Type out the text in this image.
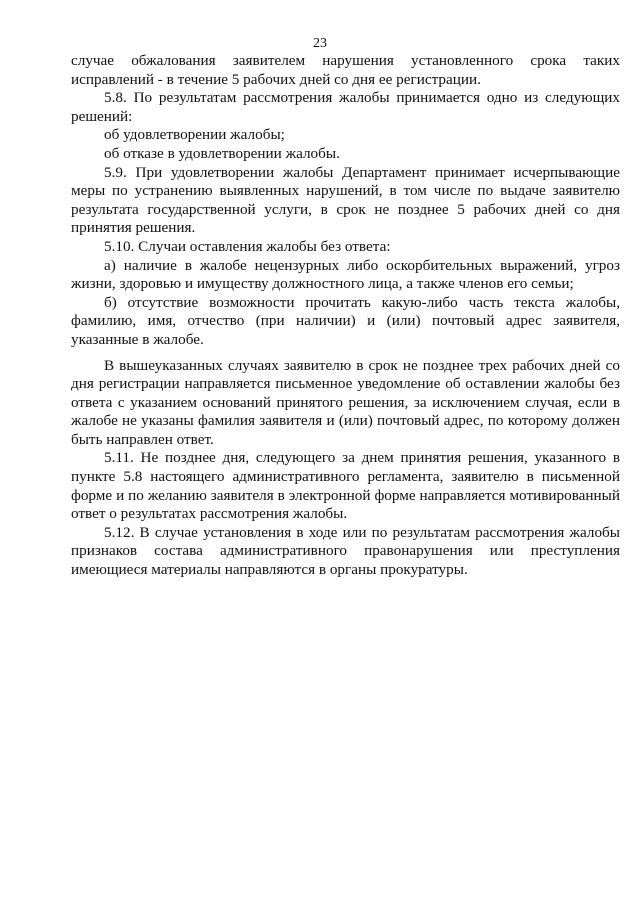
23

случае обжалования заявителем нарушения установленного срока таких исправлений - в течение 5 рабочих дней со дня ее регистрации.

5.8. По результатам рассмотрения жалобы принимается одно из следующих решений:

об удовлетворении жалобы;

об отказе в удовлетворении жалобы.

5.9. При удовлетворении жалобы Департамент принимает исчерпывающие меры по устранению выявленных нарушений, в том числе по выдаче заявителю результата государственной услуги, в срок не позднее 5 рабочих дней со дня принятия решения.

5.10. Случаи оставления жалобы без ответа:

а) наличие в жалобе нецензурных либо оскорбительных выражений, угроз жизни, здоровью и имуществу должностного лица, а также членов его семьи;

б) отсутствие возможности прочитать какую-либо часть текста жалобы, фамилию, имя, отчество (при наличии) и (или) почтовый адрес заявителя, указанные в жалобе.

В вышеуказанных случаях заявителю в срок не позднее трех рабочих дней со дня регистрации направляется письменное уведомление об оставлении жалобы без ответа с указанием оснований принятого решения, за исключением случая, если в жалобе не указаны фамилия заявителя и (или) почтовый адрес, по которому должен быть направлен ответ.

5.11. Не позднее дня, следующего за днем принятия решения, указанного в пункте 5.8 настоящего административного регламента, заявителю в письменной форме и по желанию заявителя в электронной форме направляется мотивированный ответ о результатах рассмотрения жалобы.

5.12. В случае установления в ходе или по результатам рассмотрения жалобы признаков состава административного правонарушения или преступления имеющиеся материалы направляются в органы прокуратуры.
